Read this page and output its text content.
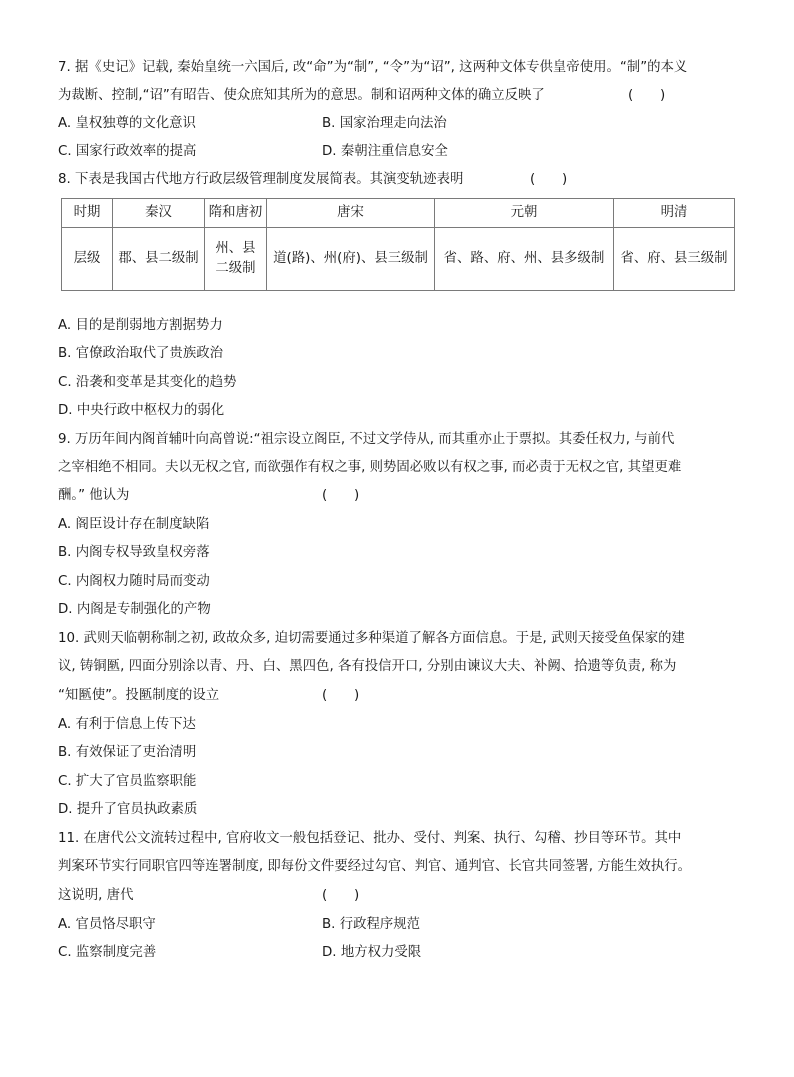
7. 据《史记》记载, 秦始皇统一六国后, 改“命”为“制”, “令”为“诏”, 这两种文体专供皇帝使用。“制”的本义
为裁断、控制,“诏”有昭告、使众庶知其所为的意思。制和诏两种文体的确立反映了	(　　)
A. 皇权独尊的文化意识	B. 国家治理走向法治
C. 国家行政效率的提高	D. 秦朝注重信息安全
8. 下表是我国古代地方行政层级管理制度发展简表。其演变轨迹表明	(　　)
时期	秦汉	隋和唐初	唐宋	元朝	明清
层级	郡、县二级制	州、县二级制	道(路)、州(府)、县三级制	省、路、府、州、县多级制	省、府、县三级制
A. 目的是削弱地方割据势力
B. 官僚政治取代了贵族政治
C. 沿袭和变革是其变化的趋势
D. 中央行政中枢权力的弱化
9. 万历年间内阁首辅叶向高曾说:“祖宗设立阁臣, 不过文学侍从, 而其重亦止于票拟。其委任权力, 与前代
之宰相绝不相同。夫以无权之官, 而欲强作有权之事, 则势固必败以有权之事, 而必责于无权之官, 其望更难
酬。” 他认为	(　　)
A. 阁臣设计存在制度缺陷
B. 内阁专权导致皇权旁落
C. 内阁权力随时局而变动
D. 内阁是专制强化的产物
10. 武则天临朝称制之初, 政故众多, 迫切需要通过多种渠道了解各方面信息。于是, 武则天接受鱼保家的建
议, 铸铜匦, 四面分别涂以青、丹、白、黑四色, 各有投信开口, 分别由谏议大夫、补阙、拾遗等负责, 称为
“知匦使”。投匦制度的设立	(　　)
A. 有利于信息上传下达
B. 有效保证了吏治清明
C. 扩大了官员监察职能
D. 提升了官员执政素质
11. 在唐代公文流转过程中, 官府收文一般包括登记、批办、受付、判案、执行、勾稽、抄目等环节。其中
判案环节实行同职官四等连署制度, 即每份文件要经过勾官、判官、通判官、长官共同签署, 方能生效执行。
这说明, 唐代	(　　)
A. 官员恪尽职守	B. 行政程序规范
C. 监察制度完善	D. 地方权力受限
